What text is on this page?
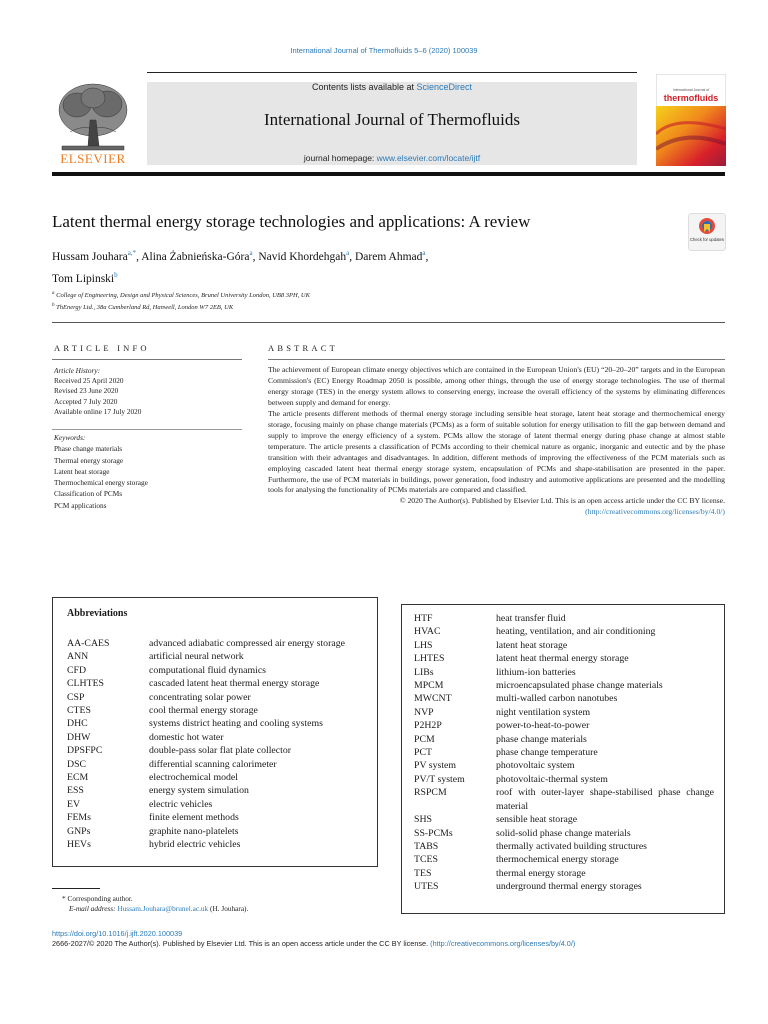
International Journal of Thermofluids 5–6 (2020) 100039
Contents lists available at ScienceDirect
International Journal of Thermofluids
journal homepage: www.elsevier.com/locate/ijtf
ELSEVIER
International Journal of
thermofluids
Latent thermal energy storage technologies and applications: A review
Check for updates
Hussam Jouhara$^{a,*}$, Alina Żabnieńska-Góra$^a$, Navid Khordehgah$^a$, Darem Ahmad$^a$,
Tom Lipinski$^b$
$^a$ College of Engineering, Design and Physical Sciences, Brunel University London, UB8 3PH, UK
$^b$ ThEnergy Ltd., 38a Cumberland Rd, Hanwell, London W7 2EB, UK
ARTICLE INFO
Article History:
Received 25 April 2020
Revised 23 June 2020
Accepted 7 July 2020
Available online 17 July 2020
Keywords:
Phase change materials
Thermal energy storage
Latent heat storage
Thermochemical energy storage
Classification of PCMs
PCM applications
ABSTRACT

The achievement of European climate energy objectives which are contained in the European Union's (EU) “20–20–20” targets and in the European Commission's (EC) Energy Roadmap 2050 is possible, among other things, through the use of energy storage technologies. The use of thermal energy storage (TES) in the energy system allows to conserving energy, increase the overall efficiency of the systems by eliminating differences between supply and demand for energy.

The article presents different methods of thermal energy storage including sensible heat storage, latent heat storage and thermochemical energy storage, focusing mainly on phase change materials (PCMs) as a form of suitable solution for energy utilisation to fill the gap between demand and supply to improve the energy efficiency of a system. PCMs allow the storage of latent thermal energy during phase change at almost stable temperature. The article presents a classification of PCMs according to their chemical nature as organic, inorganic and eutectic and by the phase transition with their advantages and disadvantages. In addition, different methods of improving the effectiveness of the PCM materials such as employing cascaded latent heat thermal energy storage system, encapsulation of PCMs and shape-stabilisation are presented in the paper. Furthermore, the use of PCM materials in buildings, power generation, food industry and automotive applications are presented and the modelling tools for analysing the functionality of PCMs materials are compared and classified.

© 2020 The Author(s). Published by Elsevier Ltd. This is an open access article under the CC BY license.
(http://creativecommons.org/licenses/by/4.0/)

Abbreviations
AA-CAES	advanced adiabatic compressed air energy storage
ANN	artificial neural network
CFD	computational fluid dynamics
CLHTES	cascaded latent heat thermal energy storage
CSP	concentrating solar power
CTES	cool thermal energy storage
DHC	systems district heating and cooling systems
DHW	domestic hot water
DPSFPC	double-pass solar flat plate collector
DSC	differential scanning calorimeter
ECM	electrochemical model
ESS	energy system simulation
EV	electric vehicles
FEMs	finite element methods
GNPs	graphite nano-platelets
HEVs	hybrid electric vehicles
HTF	heat transfer fluid
HVAC	heating, ventilation, and air conditioning
LHS	latent heat storage
LHTES	latent heat thermal energy storage
LIBs	lithium-ion batteries
MPCM	microencapsulated phase change materials
MWCNT	multi-walled carbon nanotubes
NVP	night ventilation system
P2H2P	power-to-heat-to-power
PCM	phase change materials
PCT	phase change temperature
PV system	photovoltaic system
PV/T system	photovoltaic-thermal system
RSPCM	roof with outer-layer shape-stabilised phase change material
SHS	sensible heat storage
SS-PCMs	solid-solid phase change materials
TABS	thermally activated building structures
TCES	thermochemical energy storage
TES	thermal energy storage
UTES	underground thermal energy storages
* Corresponding author.
E-mail address: Hussam.Jouhara@brunel.ac.uk (H. Jouhara).
https://doi.org/10.1016/j.ijft.2020.100039
2666-2027/© 2020 The Author(s). Published by Elsevier Ltd. This is an open access article under the CC BY license. (http://creativecommons.org/licenses/by/4.0/)
